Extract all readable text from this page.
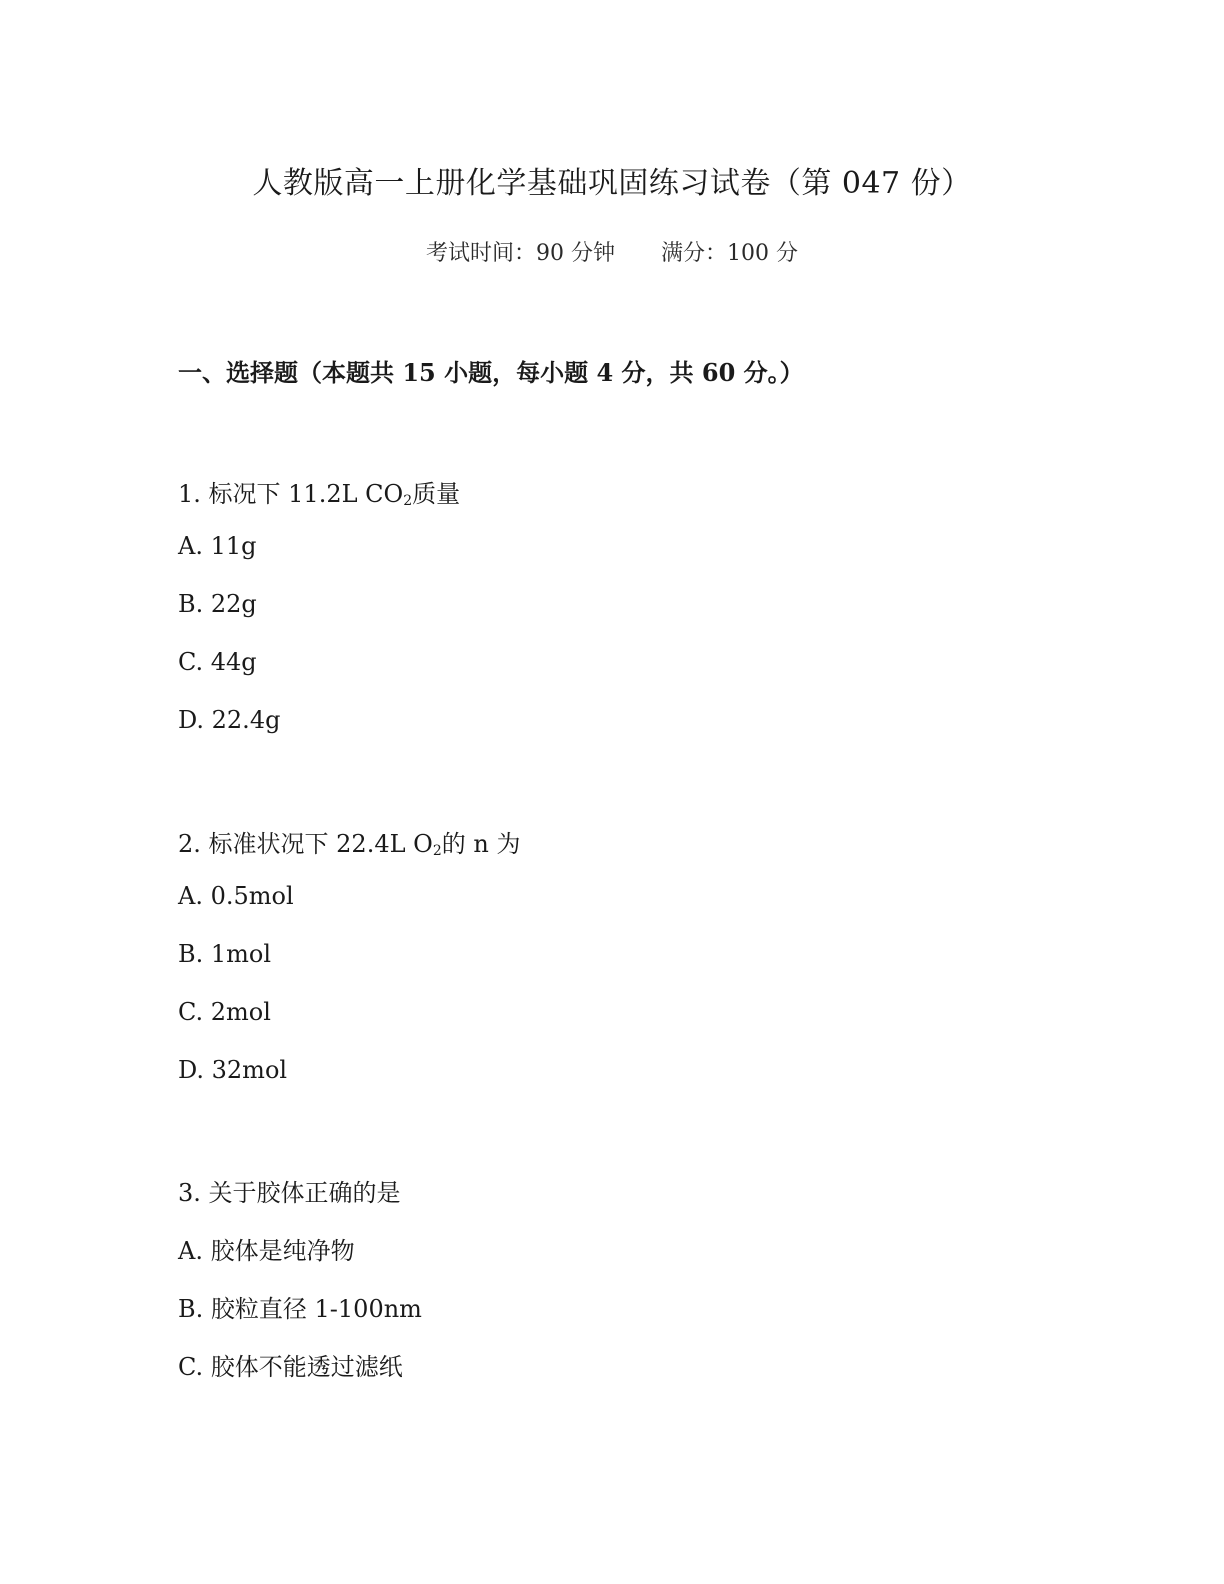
人教版高一上册化学基础巩固练习试卷（第 047 份）
考试时间：90 分钟 满分：100 分
一、选择题（本题共 15 小题，每小题 4 分，共 60 分。）
1. 标况下 11.2L $CO_2$质量
A. 11g
B. 22g
C. 44g
D. 22.4g
2. 标准状况下 22.4L $O_2$的 n 为
A. 0.5mol
B. 1mol
C. 2mol
D. 32mol
3. 关于胶体正确的是
A. 胶体是纯净物
B. 胶粒直径 1-100nm
C. 胶体不能透过滤纸
